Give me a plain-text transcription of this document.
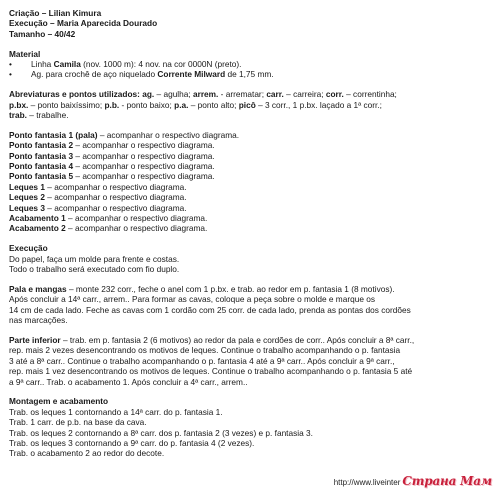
Criação – Lilian Kimura
Execução – Maria Aparecida Dourado
Tamanho – 40/42
Material
• Linha Camila (nov. 1000 m): 4 nov. na cor 0000N (preto).
• Ag. para crochê de aço niquelado Corrente Milward de 1,75 mm.
Abreviaturas e pontos utilizados: ag. – agulha; arrem. - arrematar; carr. – carreira; corr. – correntinha;
p.bx. – ponto baixíssimo; p.b. - ponto baixo; p.a. – ponto alto; picô – 3 corr., 1 p.bx. laçado a 1ª corr.;
trab. – trabalhe.
Ponto fantasia 1 (pala) – acompanhar o respectivo diagrama.
Ponto fantasia 2 – acompanhar o respectivo diagrama.
Ponto fantasia 3 – acompanhar o respectivo diagrama.
Ponto fantasia 4 – acompanhar o respectivo diagrama.
Ponto fantasia 5 – acompanhar o respectivo diagrama.
Leques 1 – acompanhar o respectivo diagrama.
Leques 2 – acompanhar o respectivo diagrama.
Leques 3 – acompanhar o respectivo diagrama.
Acabamento 1 – acompanhar o respectivo diagrama.
Acabamento 2 – acompanhar o respectivo diagrama.
Execução
Do papel, faça um molde para frente e costas.
Todo o trabalho será executado com fio duplo.
Pala e mangas – monte 232 corr., feche o anel com 1 p.bx. e trab. ao redor em p. fantasia 1 (8 motivos).
Após concluir a 14ª carr., arrem.. Para formar as cavas, coloque a peça sobre o molde e marque os
14 cm de cada lado. Feche as cavas com 1 cordão com 25 corr. de cada lado, prenda as pontas dos cordões
nas marcações.
Parte inferior – trab. em p. fantasia 2 (6 motivos) ao redor da pala e cordões de corr.. Após concluir a 8ª carr.,
rep. mais 2 vezes desencontrando os motivos de leques. Continue o trabalho acompanhando o p. fantasia
3 até a 8ª carr.. Continue o trabalho acompanhando o p. fantasia 4 até a 9ª carr.. Após concluir a 9ª carr.,
rep. mais 1 vez desencontrando os motivos de leques. Continue o trabalho acompanhando o p. fantasia 5 até
a 9ª carr.. Trab. o acabamento 1. Após concluir a 4ª carr., arrem..
Montagem e acabamento
Trab. os leques 1 contornando a 14ª carr. do p. fantasia 1.
Trab. 1 carr. de p.b. na base da cava.
Trab. os leques 2 contornando a 8ª carr. dos p. fantasia 2 (3 vezes) e p. fantasia 3.
Trab. os leques 3 contornando a 9ª carr. do p. fantasia 4 (2 vezes).
Trab. o acabamento 2 ao redor do decote.
http://www.liveinter Страна Мам
